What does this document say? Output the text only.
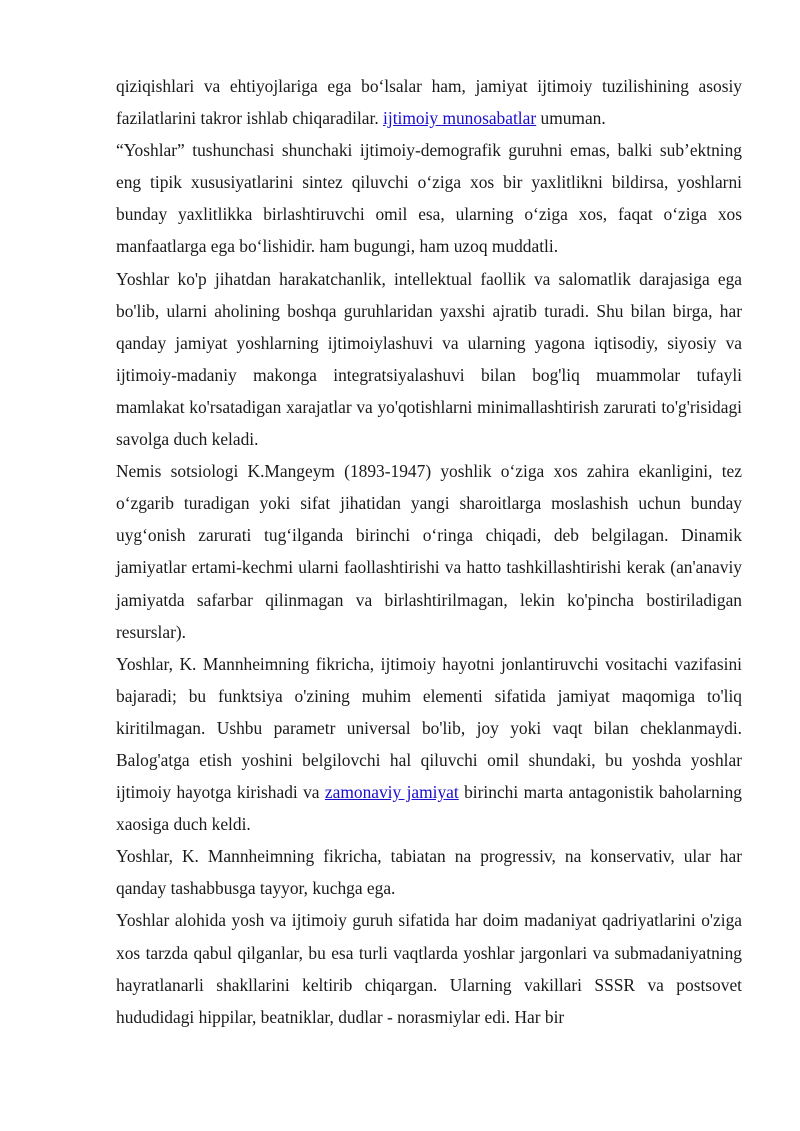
qiziqishlari va ehtiyojlariga ega bo‘lsalar ham, jamiyat ijtimoiy tuzilishining asosiy fazilatlarini takror ishlab chiqaradilar. ijtimoiy munosabatlar umuman.

“Yoshlar” tushunchasi shunchaki ijtimoiy-demografik guruhni emas, balki sub’ektning eng tipik xususiyatlarini sintez qiluvchi o‘ziga xos bir yaxlitlikni bildirsa, yoshlarni bunday yaxlitlikka birlashtiruvchi omil esa, ularning o‘ziga xos, faqat o‘ziga xos manfaatlarga ega bo‘lishidir. ham bugungi, ham uzoq muddatli.

Yoshlar ko'p jihatdan harakatchanlik, intellektual faollik va salomatlik darajasiga ega bo'lib, ularni aholining boshqa guruhlaridan yaxshi ajratib turadi. Shu bilan birga, har qanday jamiyat yoshlarning ijtimoiylashuvi va ularning yagona iqtisodiy, siyosiy va ijtimoiy-madaniy makonga integratsiyalashuvi bilan bog'liq muammolar tufayli mamlakat ko'rsatadigan xarajatlar va yo'qotishlarni minimallashtirish zarurati to'g'risidagi savolga duch keladi.

Nemis sotsiologi K.Mangeym (1893-1947) yoshlik o‘ziga xos zahira ekanligini, tez o‘zgarib turadigan yoki sifat jihatidan yangi sharoitlarga moslashish uchun bunday uyg‘onish zarurati tug‘ilganda birinchi o‘ringa chiqadi, deb belgilagan. Dinamik jamiyatlar ertami-kechmi ularni faollashtirishi va hatto tashkillashtirishi kerak (an'anaviy jamiyatda safarbar qilinmagan va birlashtirilmagan, lekin ko'pincha bostiriladigan resurslar).

Yoshlar, K. Mannheimning fikricha, ijtimoiy hayotni jonlantiruvchi vositachi vazifasini bajaradi; bu funktsiya o'zining muhim elementi sifatida jamiyat maqomiga to'liq kiritilmagan. Ushbu parametr universal bo'lib, joy yoki vaqt bilan cheklanmaydi. Balog'atga etish yoshini belgilovchi hal qiluvchi omil shundaki, bu yoshda yoshlar ijtimoiy hayotga kirishadi va zamonaviy jamiyat birinchi marta antagonistik baholarning xaosiga duch keldi.

Yoshlar, K. Mannheimning fikricha, tabiatan na progressiv, na konservativ, ular har qanday tashabbusga tayyor, kuchga ega.

Yoshlar alohida yosh va ijtimoiy guruh sifatida har doim madaniyat qadriyatlarini o'ziga xos tarzda qabul qilganlar, bu esa turli vaqtlarda yoshlar jargonlari va submadaniyatning hayratlanarli shakllarini keltirib chiqargan. Ularning vakillari SSSR va postsovet hududidagi hippilar, beatniklar, dudlar - norasmiylar edi. Har bir
